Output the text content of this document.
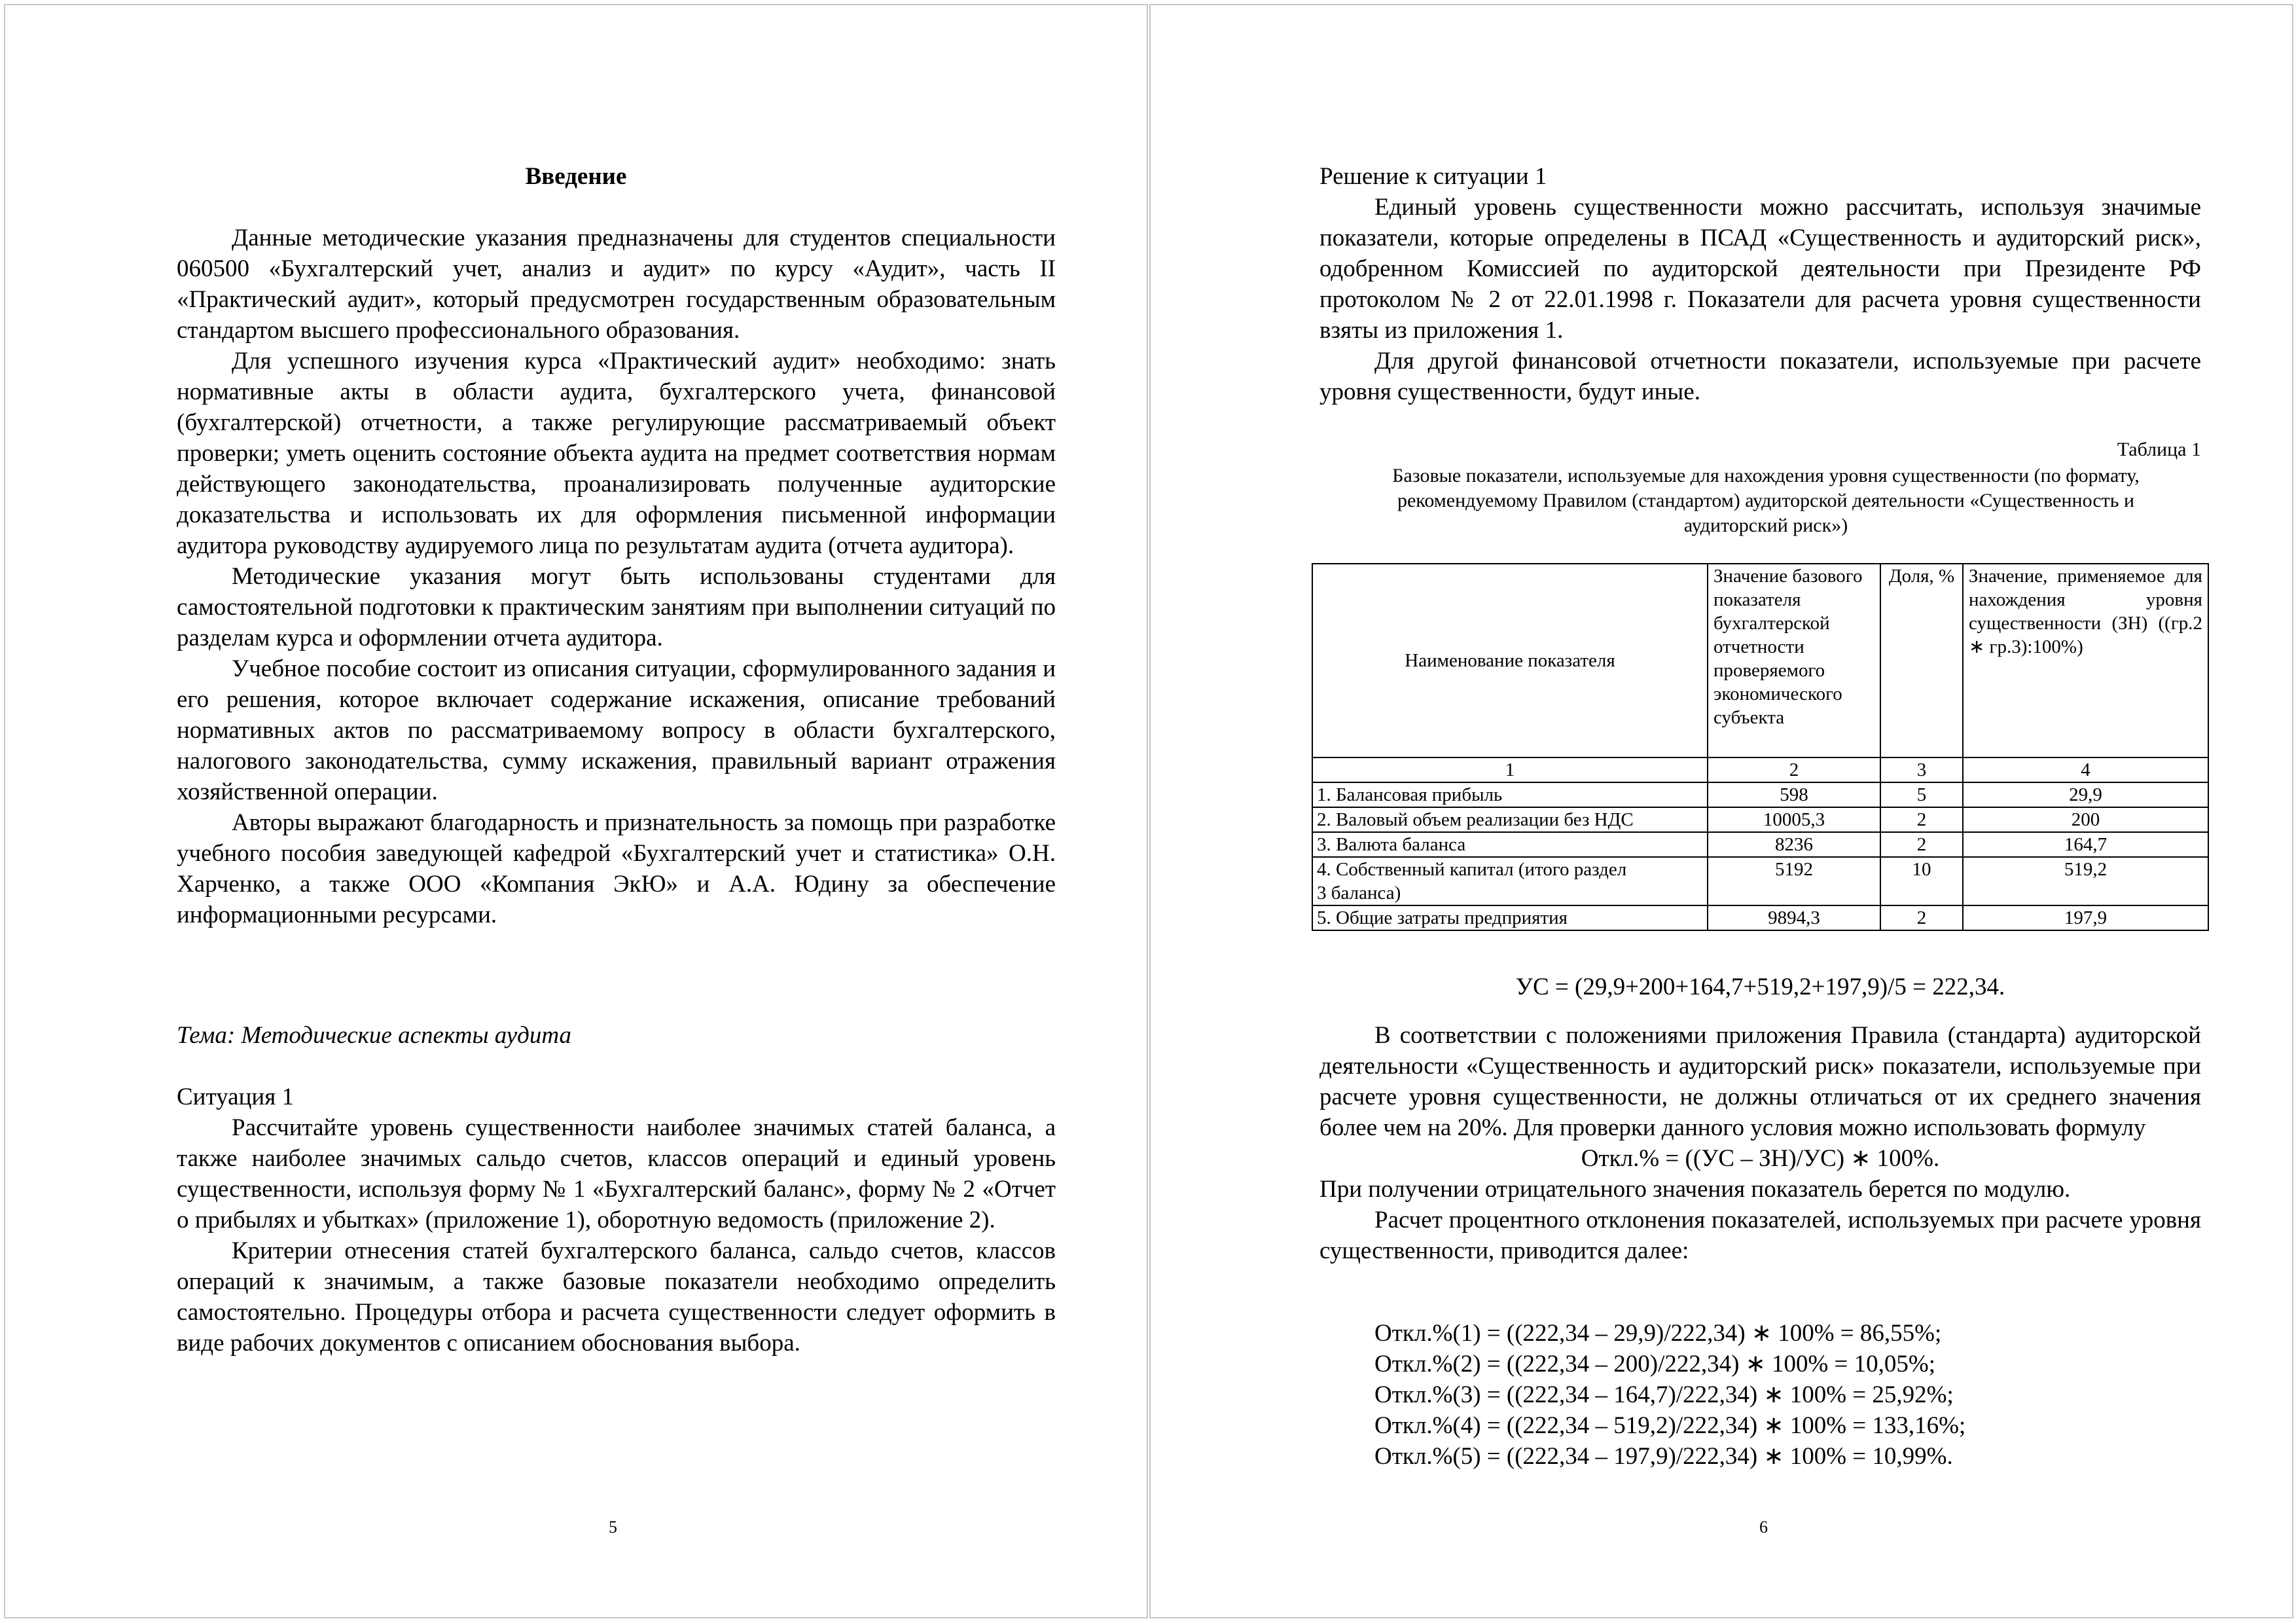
Введение

Данные методические указания предназначены для студентов специальности 060500 «Бухгалтерский учет, анализ и аудит» по курсу «Аудит», часть II «Практический аудит», который предусмотрен государственным образовательным стандартом высшего профессионального образования.

Для успешного изучения курса «Практический аудит» необходимо: знать нормативные акты в области аудита, бухгалтерского учета, финансовой (бухгалтерской) отчетности, а также регулирующие рассматриваемый объект проверки; уметь оценить состояние объекта аудита на предмет соответствия нормам действующего законодательства, проанализировать полученные аудиторские доказательства и использовать их для оформления письменной информации аудитора руководству аудируемого лица по результатам аудита (отчета аудитора).

Методические указания могут быть использованы студентами для самостоятельной подготовки к практическим занятиям при выполнении ситуаций по разделам курса и оформлении отчета аудитора.

Учебное пособие состоит из описания ситуации, сформулированного задания и его решения, которое включает содержание искажения, описание требований нормативных актов по рассматриваемому вопросу в области бухгалтерского, налогового законодательства, сумму искажения, правильный вариант отражения хозяйственной операции.

Авторы выражают благодарность и признательность за помощь при разработке учебного пособия заведующей кафедрой «Бухгалтерский учет и статистика» О.Н. Харченко, а также ООО «Компания ЭкЮ» и А.А. Юдину за обеспечение информационными ресурсами.

Тема: Методические аспекты аудита

Ситуация 1

Рассчитайте уровень существенности наиболее значимых статей баланса, а также наиболее значимых сальдо счетов, классов операций и единый уровень существенности, используя форму № 1 «Бухгалтерский баланс», форму № 2 «Отчет о прибылях и убытках» (приложение 1), оборотную ведомость (приложение 2).

Критерии отнесения статей бухгалтерского баланса, сальдо счетов, классов операций к значимым, а также базовые показатели необходимо определить самостоятельно. Процедуры отбора и расчета существенности следует оформить в виде рабочих документов с описанием обоснования выбора.

5

Решение к ситуации 1

Единый уровень существенности можно рассчитать, используя значимые показатели, которые определены в ПСАД «Существенность и аудиторский риск», одобренном Комиссией по аудиторской деятельности при Президенте РФ протоколом № 2 от 22.01.1998 г. Показатели для расчета уровня существенности взяты из приложения 1.

Для другой финансовой отчетности показатели, используемые при расчете уровня существенности, будут иные.

Таблица 1
Базовые показатели, используемые для нахождения уровня существенности (по формату, рекомендуемому Правилом (стандартом) аудиторской деятельности «Существенность и аудиторский риск»)
Наименование показателя	Значение базового показателя бухгалтерской отчетности проверяемого экономического субъекта	Доля, %	Значение, применяемое для нахождения уровня существенности (ЗН) ((гр.2 ∗ гр.3):100%)
1	2	3	4
1. Балансовая прибыль	598	5	29,9
2. Валовый объем реализации без НДС	10005,3	2	200
3. Валюта баланса	8236	2	164,7
4. Собственный капитал (итого раздел 3 баланса)	5192	10	519,2
5. Общие затраты предприятия	9894,3	2	197,9
УС = (29,9+200+164,7+519,2+197,9)/5 = 222,34.

В соответствии с положениями приложения Правила (стандарта) аудиторской деятельности «Существенность и аудиторский риск» показатели, используемые при расчете уровня существенности, не должны отличаться от их среднего значения более чем на 20%. Для проверки данного условия можно использовать формулу

Откл.% = ((УС – ЗН)/УС) ∗ 100%.

При получении отрицательного значения показатель берется по модулю.

Расчет процентного отклонения показателей, используемых при расчете уровня существенности, приводится далее:

Откл.%(1) = ((222,34 – 29,9)/222,34) ∗ 100% = 86,55%;
Откл.%(2) = ((222,34 – 200)/222,34) ∗ 100% = 10,05%;
Откл.%(3) = ((222,34 – 164,7)/222,34) ∗ 100% = 25,92%;
Откл.%(4) = ((222,34 – 519,2)/222,34) ∗ 100% = 133,16%;
Откл.%(5) = ((222,34 – 197,9)/222,34) ∗ 100% = 10,99%.
6
